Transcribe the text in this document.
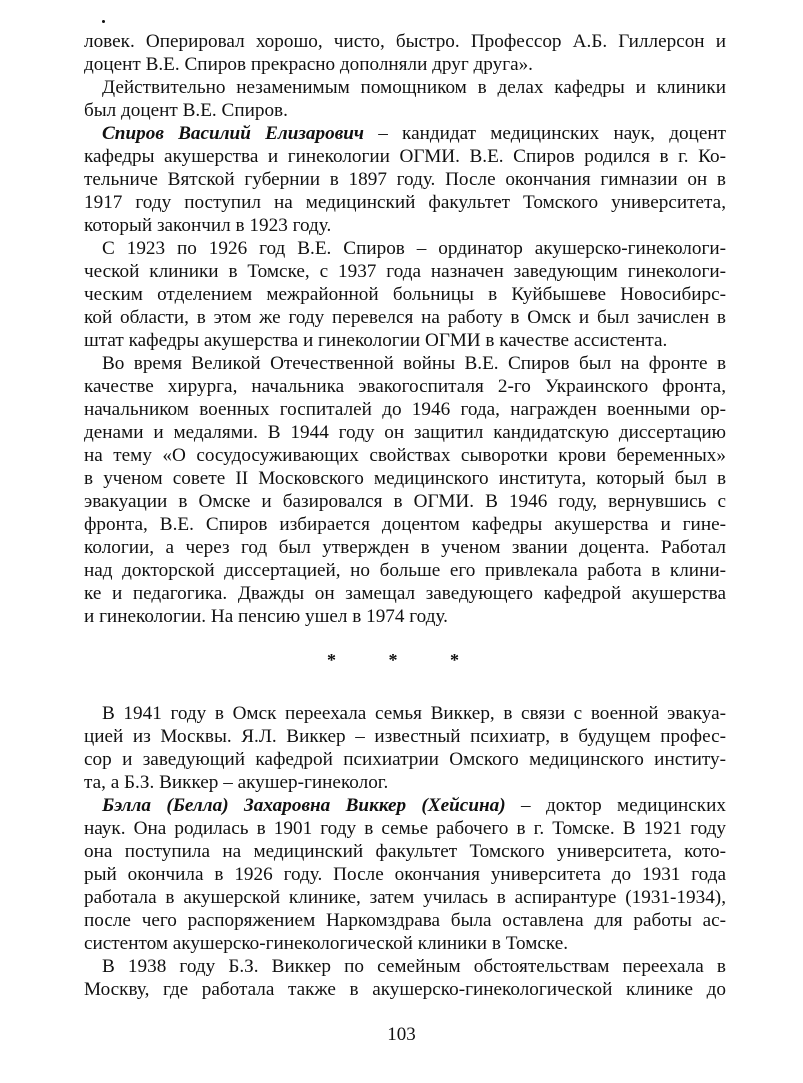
ловек. Оперировал хорошо, чисто, быстро. Профессор А.Б. Гиллерсон и
доцент В.Е. Спиров прекрасно дополняли друг друга».
Действительно незаменимым помощником в делах кафедры и клиники
был доцент В.Е. Спиров.
Спиров Василий Елизарович – кандидат медицинских наук, доцент
кафедры акушерства и гинекологии ОГМИ. В.Е. Спиров родился в г. Ко-
тельниче Вятской губернии в 1897 году. После окончания гимназии он в
1917 году поступил на медицинский факультет Томского университета,
который закончил в 1923 году.
С 1923 по 1926 год В.Е. Спиров – ординатор акушерско-гинекологи-
ческой клиники в Томске, с 1937 года назначен заведующим гинекологи-
ческим отделением межрайонной больницы в Куйбышеве Новосибирс-
кой области, в этом же году перевелся на работу в Омск и был зачислен в
штат кафедры акушерства и гинекологии ОГМИ в качестве ассистента.
Во время Великой Отечественной войны В.Е. Спиров был на фронте в
качестве хирурга, начальника эвакогоспиталя 2-го Украинского фронта,
начальником военных госпиталей до 1946 года, награжден военными ор-
денами и медалями. В 1944 году он защитил кандидатскую диссертацию
на тему «О сосудосуживающих свойствах сыворотки крови беременных»
в ученом совете II Московского медицинского института, который был в
эвакуации в Омске и базировался в ОГМИ. В 1946 году, вернувшись с
фронта, В.Е. Спиров избирается доцентом кафедры акушерства и гине-
кологии, а через год был утвержден в ученом звании доцента. Работал
над докторской диссертацией, но больше его привлекала работа в клини-
ке и педагогика. Дважды он замещал заведующего кафедрой акушерства
и гинекологии. На пенсию ушел в 1974 году.
* * *
В 1941 году в Омск переехала семья Виккер, в связи с военной эвакуа-
цией из Москвы. Я.Л. Виккер – известный психиатр, в будущем профес-
сор и заведующий кафедрой психиатрии Омского медицинского институ-
та, а Б.З. Виккер – акушер-гинеколог.
Бэлла (Белла) Захаровна Виккер (Хейсина) – доктор медицинских
наук. Она родилась в 1901 году в семье рабочего в г. Томске. В 1921 году
она поступила на медицинский факультет Томского университета, кото-
рый окончила в 1926 году. После окончания университета до 1931 года
работала в акушерской клинике, затем училась в аспирантуре (1931-1934),
после чего распоряжением Наркомздрава была оставлена для работы ас-
систентом акушерско-гинекологической клиники в Томске.
В 1938 году Б.З. Виккер по семейным обстоятельствам переехала в
Москву, где работала также в акушерско-гинекологической клинике до
103
